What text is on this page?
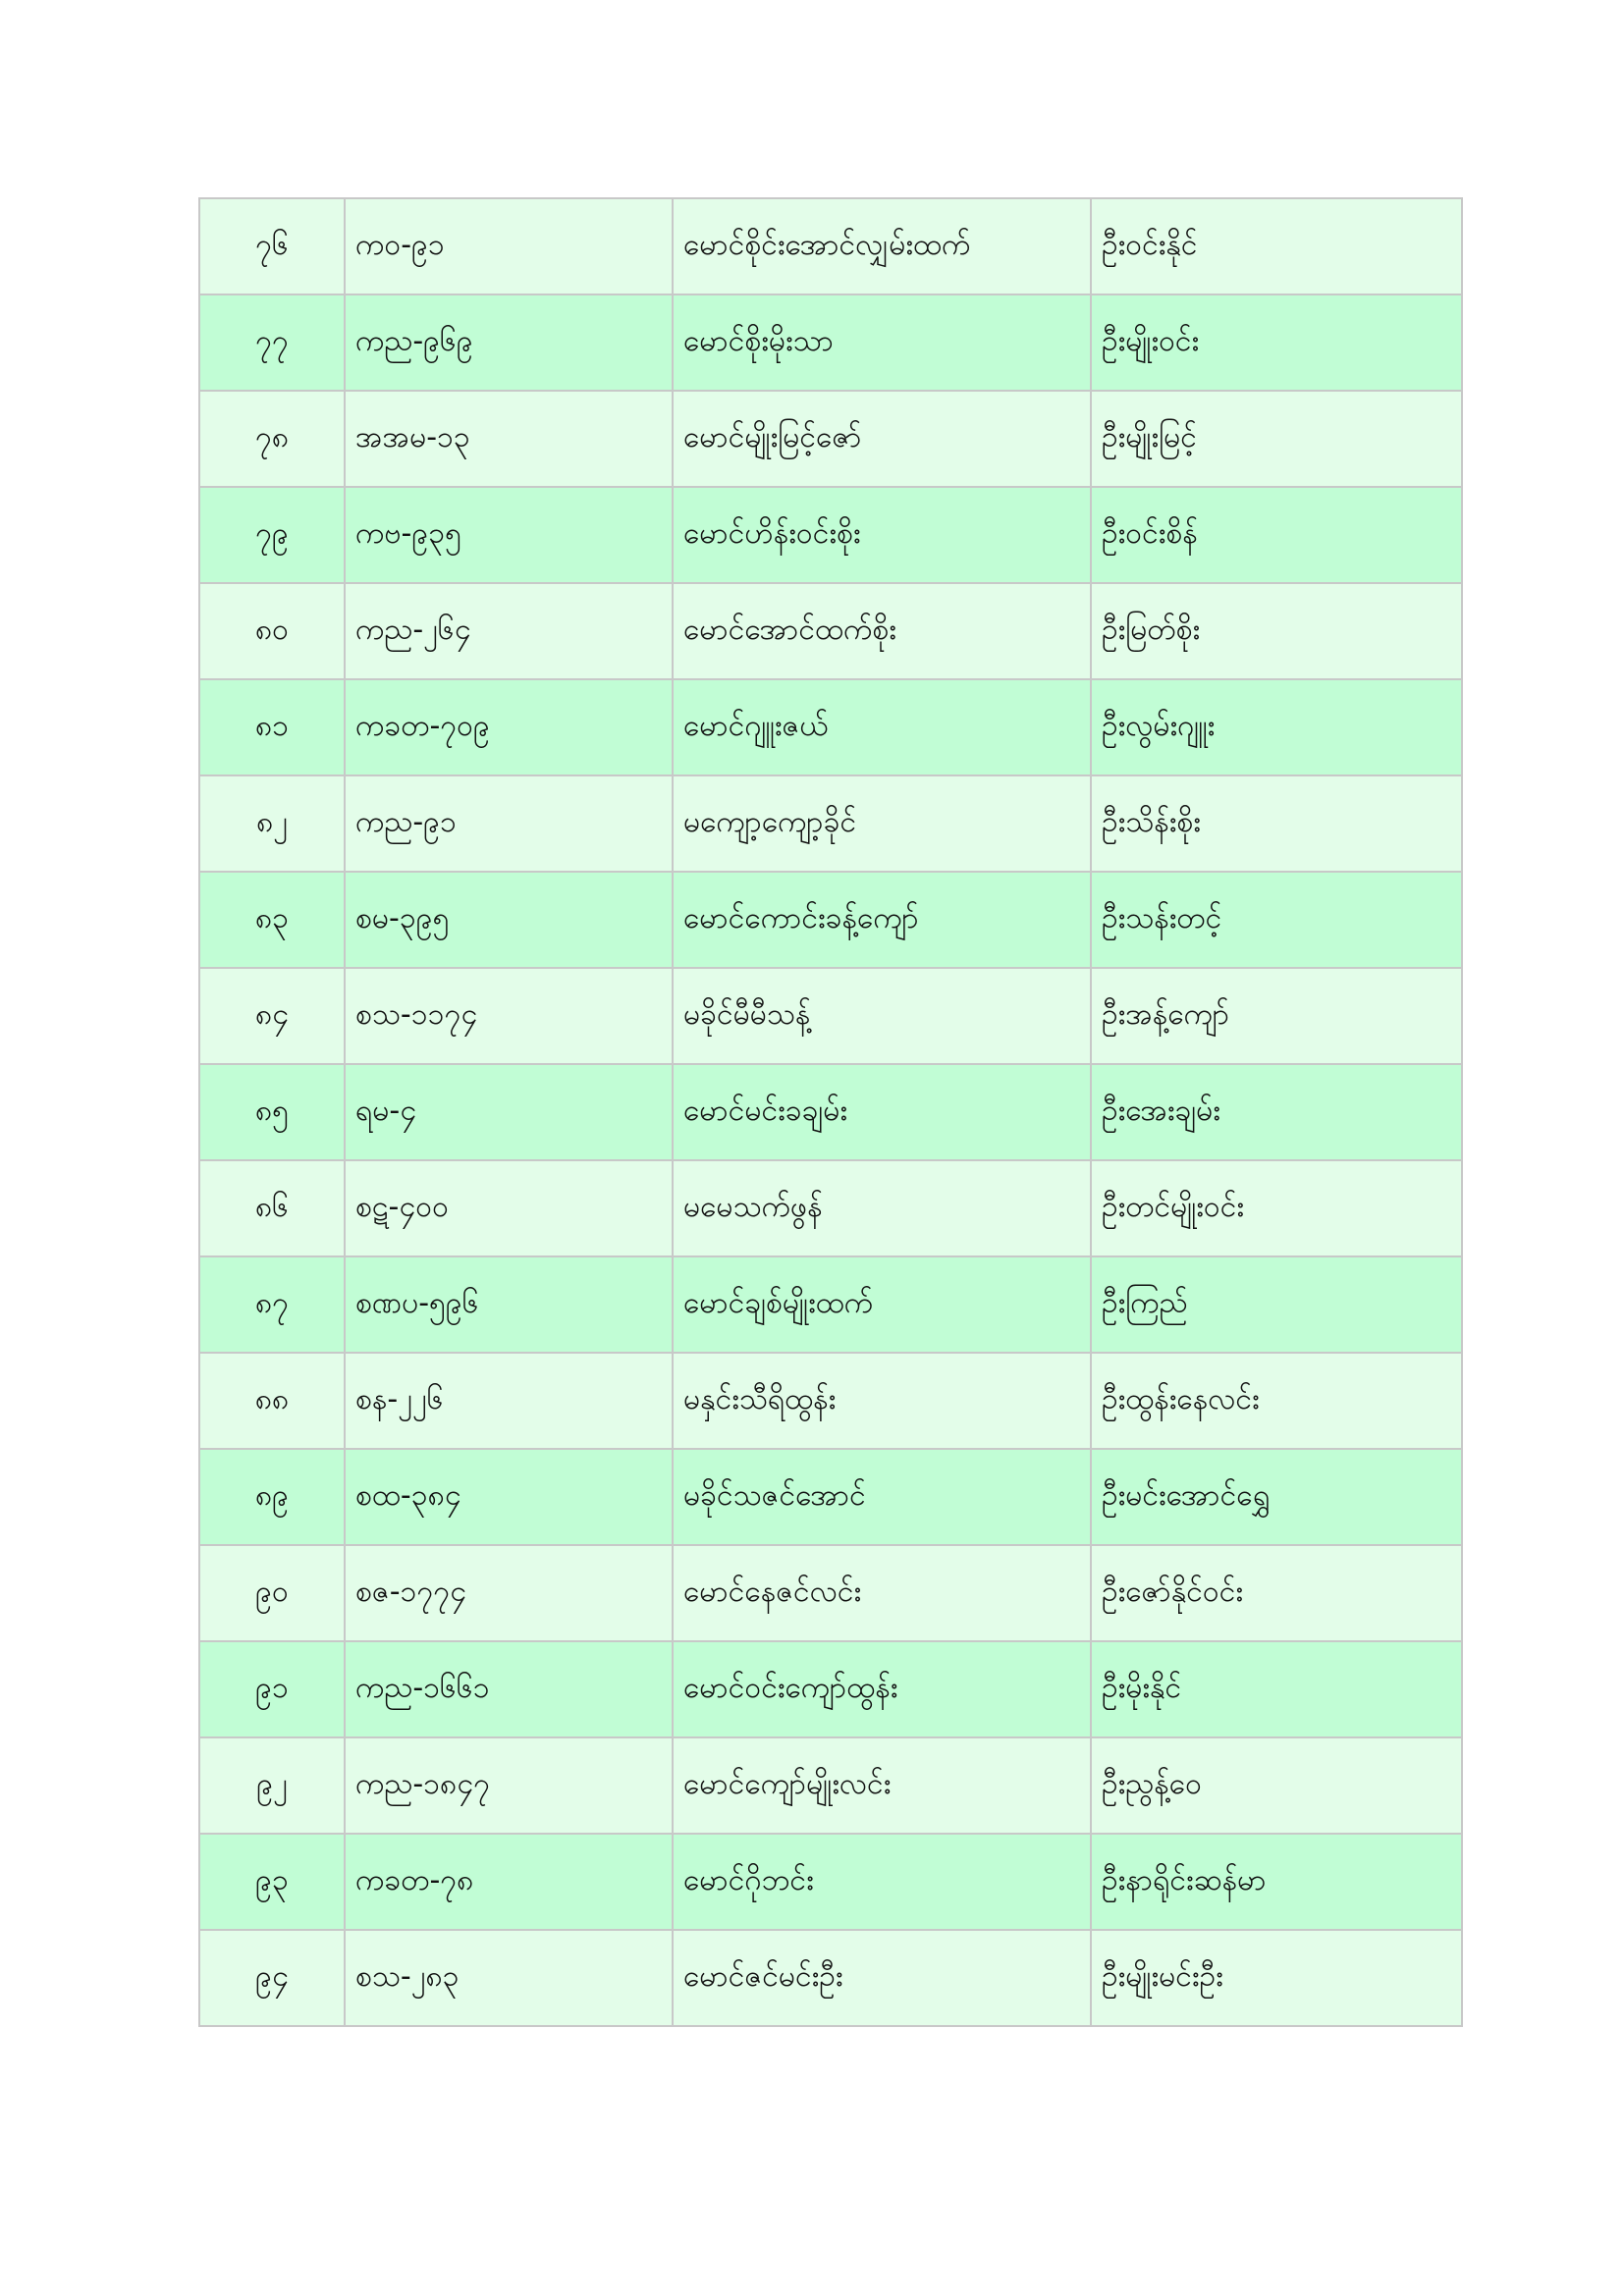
၇၆	ကဝ-၉၁	မောင်စိုင်းအောင်လျှမ်းထက်	ဦးဝင်းနိုင်
၇၇	ကည-၉၆၉	မောင်စိုးမိုးသာ	ဦးမျိုးဝင်း
၇၈	အအမ-၁၃	မောင်မျိုးမြင့်ဇော်	ဦးမျိုးမြင့်
၇၉	ကဗ-၉၃၅	မောင်ဟိန်းဝင်းစိုး	ဦးဝင်းစိန်
၈၀	ကည-၂၆၄	မောင်အောင်ထက်စိုး	ဦးမြတ်စိုး
၈၁	ကခတ-၇၀၉	မောင်ဂျူးဇယ်	ဦးလွမ်းဂျူး
၈၂	ကည-၉၁	မကျော့ကျော့ခိုင်	ဦးသိန်းစိုး
၈၃	စမ-၃၉၅	မောင်ကောင်းခန့်ကျော်	ဦးသန်းတင့်
၈၄	စသ-၁၁၇၄	မခိုင်မီမီသန့်	ဦးအန့်ကျော်
၈၅	ရမ-၄	မောင်မင်းခချမ်း	ဦးအေးချမ်း
၈၆	စဋ-၄၀၀	မမေသက်ဖွန်	ဦးတင်မျိုးဝင်း
၈၇	စဏပ-၅၉၆	မောင်ချစ်မျိုးထက်	ဦးကြည်
၈၈	စန-၂၂၆	မနှင်းသီရိထွန်း	ဦးထွန်းနေလင်း
၈၉	စထ-၃၈၄	မခိုင်သဇင်အောင်	ဦးမင်းအောင်ရွှေ
၉၀	စဇ-၁၇၇၄	မောင်နေဇင်လင်း	ဦးဇော်နိုင်ဝင်း
၉၁	ကည-၁၆၆၁	မောင်ဝင်းကျော်ထွန်း	ဦးမိုးနိုင်
၉၂	ကည-၁၈၄၇	မောင်ကျော်မျိုးလင်း	ဦးညွန့်ဝေ
၉၃	ကခတ-၇၈	မောင်ဂိုဘင်း	ဦးနာရိုင်းဆန်မာ
၉၄	စသ-၂၈၃	မောင်ဇင်မင်းဦး	ဦးမျိုးမင်းဦး
